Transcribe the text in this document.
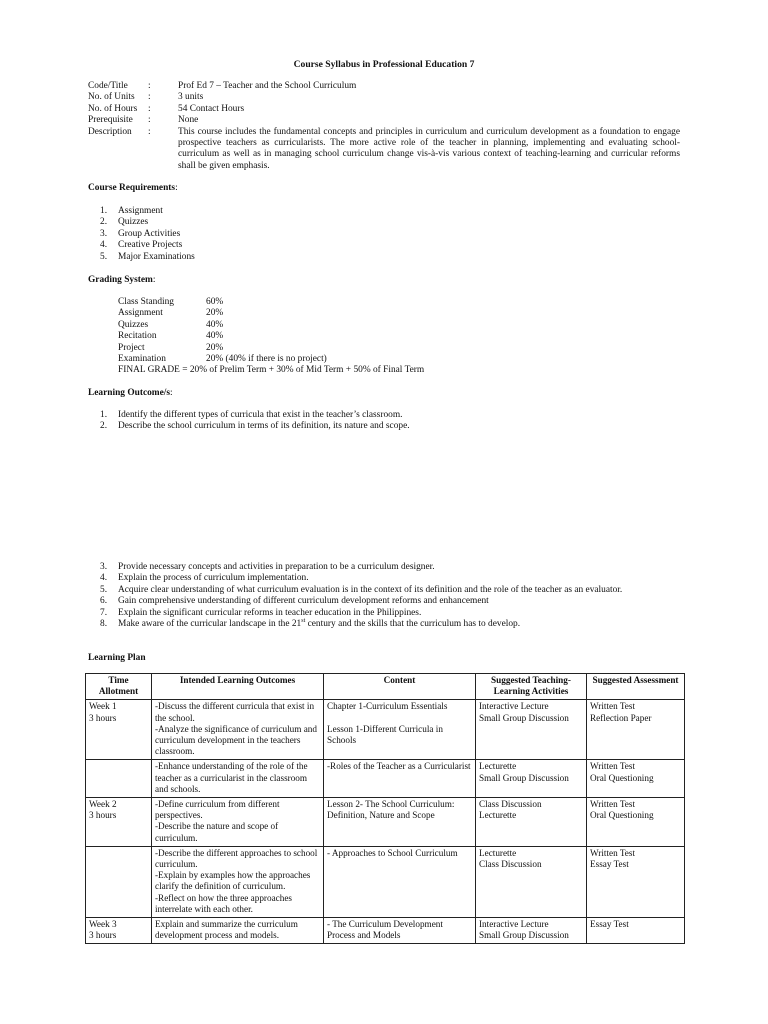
Course Syllabus in Professional Education 7
Code/Title	:	Prof Ed 7 – Teacher and the School Curriculum
No. of Units	:	3 units
No. of Hours	:	54 Contact Hours
Prerequisite	:	None
Description	:	This course includes the fundamental concepts and principles in curriculum and curriculum development as a foundation to engage prospective teachers as curricularists. The more active role of the teacher in planning, implementing and evaluating school-curriculum as well as in managing school curriculum change vis-à-vis various context of teaching-learning and curricular reforms shall be given emphasis.
Course Requirements:
1.	Assignment
2.	Quizzes
3.	Group Activities
4.	Creative Projects
5.	Major Examinations
Grading System:
Class Standing	60%
Assignment	20%
Quizzes	40%
Recitation	40%
Project	20%
Examination	20% (40% if there is no project)
FINAL GRADE = 20% of Prelim Term + 30% of Mid Term + 50% of Final Term
Learning Outcome/s:
1.	Identify the different types of curricula that exist in the teacher’s classroom.
2.	Describe the school curriculum in terms of its definition, its nature and scope.
3.	Provide necessary concepts and activities in preparation to be a curriculum designer.
4.	Explain the process of curriculum implementation.
5.	Acquire clear understanding of what curriculum evaluation is in the context of its definition and the role of the teacher as an evaluator.
6.	Gain comprehensive understanding of different curriculum development reforms and enhancement
7.	Explain the significant curricular reforms in teacher education in the Philippines.
8.	Make aware of the curricular landscape in the 21st century and the skills that the curriculum has to develop.
Learning Plan
Time Allotment	Intended Learning Outcomes	Content	Suggested Teaching-Learning Activities	Suggested Assessment

Week 1
3 hours	-Discuss the different curricula that exist in the school.
-Analyze the significance of curriculum and curriculum development in the teachers classroom.	Chapter 1-Curriculum Essentials
Lesson 1-Different Curricula in Schools	Interactive Lecture
Small Group Discussion	Written Test
Reflection Paper

	-Enhance understanding of the role of the teacher as a curricularist in the classroom and schools.	-Roles of the Teacher as a Curricularist	Lecturette
Small Group Discussion	Written Test
Oral Questioning

Week 2
3 hours	-Define curriculum from different perspectives.
-Describe the nature and scope of curriculum.	Lesson 2- The School Curriculum: Definition, Nature and Scope	Class Discussion
Lecturette	Written Test
Oral Questioning

	-Describe the different approaches to school curriculum.
-Explain by examples how the approaches clarify the definition of curriculum.
-Reflect on how the three approaches interrelate with each other.	- Approaches to School Curriculum	Lecturette
Class Discussion	Written Test
Essay Test

Week 3
3 hours	Explain and summarize the curriculum development process and models.	- The Curriculum Development Process and Models	Interactive Lecture
Small Group Discussion	Essay Test
